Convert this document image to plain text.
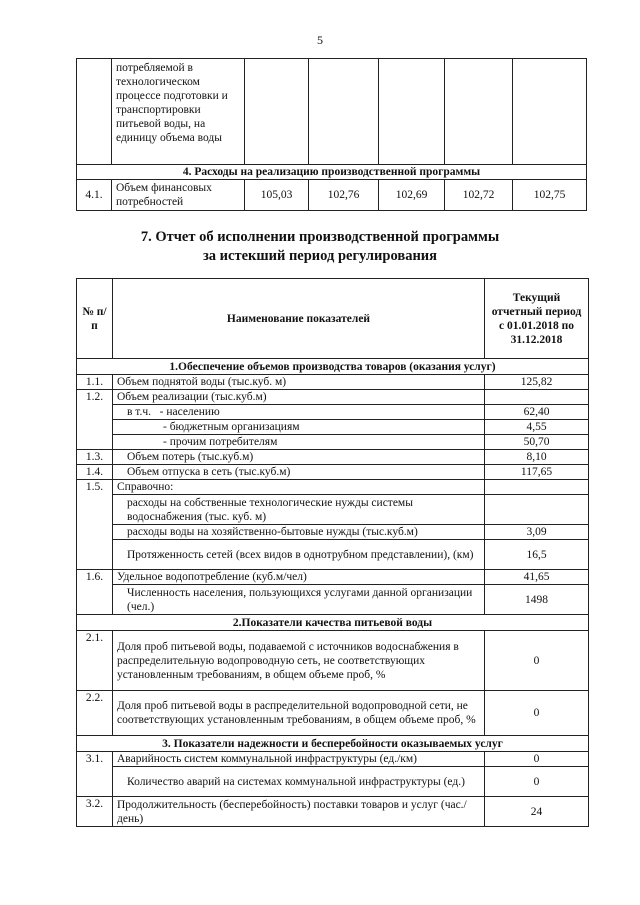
5
	потребляемой в технологическом процессе подготовки и транспортировки питьевой воды, на единицу объема воды					
4. Расходы на реализацию производственной программы						
4.1.	Объем финансовых потребностей	105,03	102,76	102,69	102,72	102,75
7. Отчет об исполнении производственной программы
за истекший период регулирования
№ п/п	Наименование показателей	Текущий отчетный период с 01.01.2018 по 31.12.2018
1.Обеспечение объемов производства товаров (оказания услуг)		
1.1.	Объем поднятой воды (тыс.куб. м)	125,82
1.2.	Объем реализации (тыс.куб.м)	
	в т.ч. - населению	62,40
	- бюджетным организациям	4,55
	- прочим потребителям	50,70
1.3.	Объем потерь (тыс.куб.м)	8,10
1.4.	Объем отпуска в сеть (тыс.куб.м)	117,65
1.5.	Справочно:	
	расходы на собственные технологические нужды системы водоснабжения (тыс. куб. м)	
	расходы воды на хозяйственно-бытовые нужды (тыс.куб.м)	3,09
	Протяженность сетей (всех видов в однотрубном представлении), (км)	16,5
1.6.	Удельное водопотребление (куб.м/чел)	41,65
	Численность населения, пользующихся услугами данной организации (чел.)	1498
2.Показатели качества питьевой воды		
2.1.	Доля проб питьевой воды, подаваемой с источников водоснабжения в распределительную водопроводную сеть, не соответствующих установленным требованиям, в общем объеме проб, %	0
2.2.	Доля проб питьевой воды в распределительной водопроводной сети, не соответствующих установленным требованиям, в общем объеме проб, %	0
3. Показатели надежности и бесперебойности оказываемых услуг		
3.1.	Аварийность систем коммунальной инфраструктуры (ед./км)	0
	Количество аварий на системах коммунальной инфраструктуры (ед.)	0
3.2.	Продолжительность (бесперебойность) поставки товаров и услуг (час./день)	24
